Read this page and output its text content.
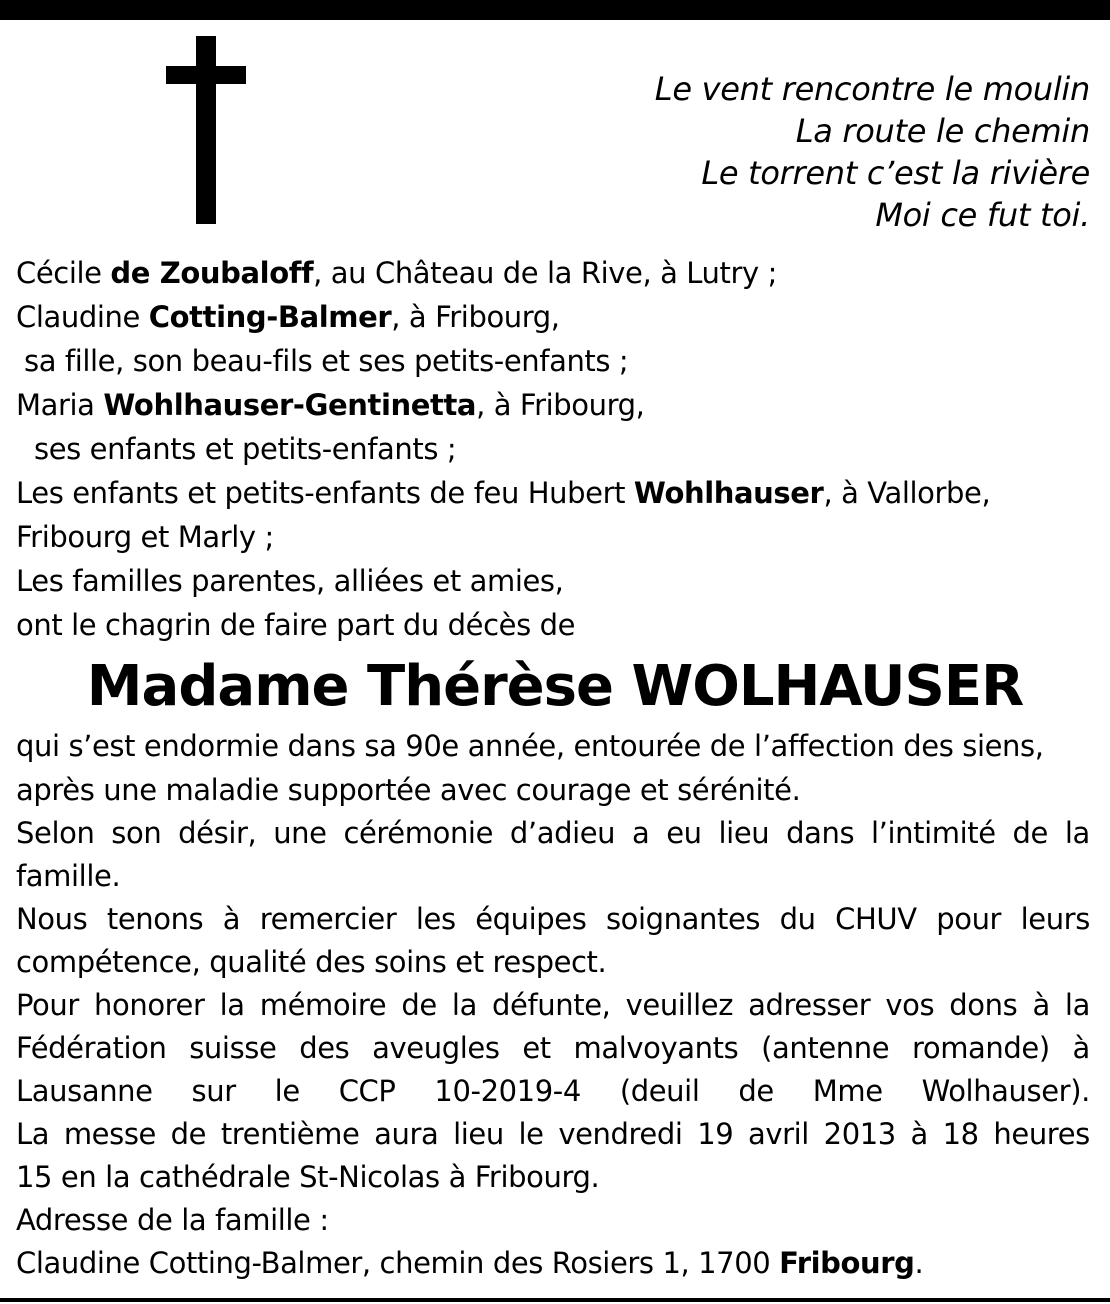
Le vent rencontre le moulin
La route le chemin
Le torrent c’est la rivière
Moi ce fut toi.
Cécile de Zoubaloff, au Château de la Rive, à Lutry ;
Claudine Cotting-Balmer, à Fribourg,
sa fille, son beau-fils et ses petits-enfants ;
Maria Wohlhauser-Gentinetta, à Fribourg,
ses enfants et petits-enfants ;
Les enfants et petits-enfants de feu Hubert Wohlhauser, à Vallorbe,
Fribourg et Marly ;
Les familles parentes, alliées et amies,
ont le chagrin de faire part du décès de
Madame Thérèse WOLHAUSER
qui s’est endormie dans sa 90e année, entourée de l’affection des siens,
après une maladie supportée avec courage et sérénité.
Selon son désir, une cérémonie d’adieu a eu lieu dans l’intimité de la
famille.
Nous tenons à remercier les équipes soignantes du CHUV pour leurs
compétence, qualité des soins et respect.
Pour honorer la mémoire de la défunte, veuillez adresser vos dons à la
Fédération suisse des aveugles et malvoyants (antenne romande) à
Lausanne sur le CCP 10-2019-4 (deuil de Mme Wolhauser).
La messe de trentième aura lieu le vendredi 19 avril 2013 à 18 heures
15 en la cathédrale St-Nicolas à Fribourg.
Adresse de la famille :
Claudine Cotting-Balmer, chemin des Rosiers 1, 1700 Fribourg.
